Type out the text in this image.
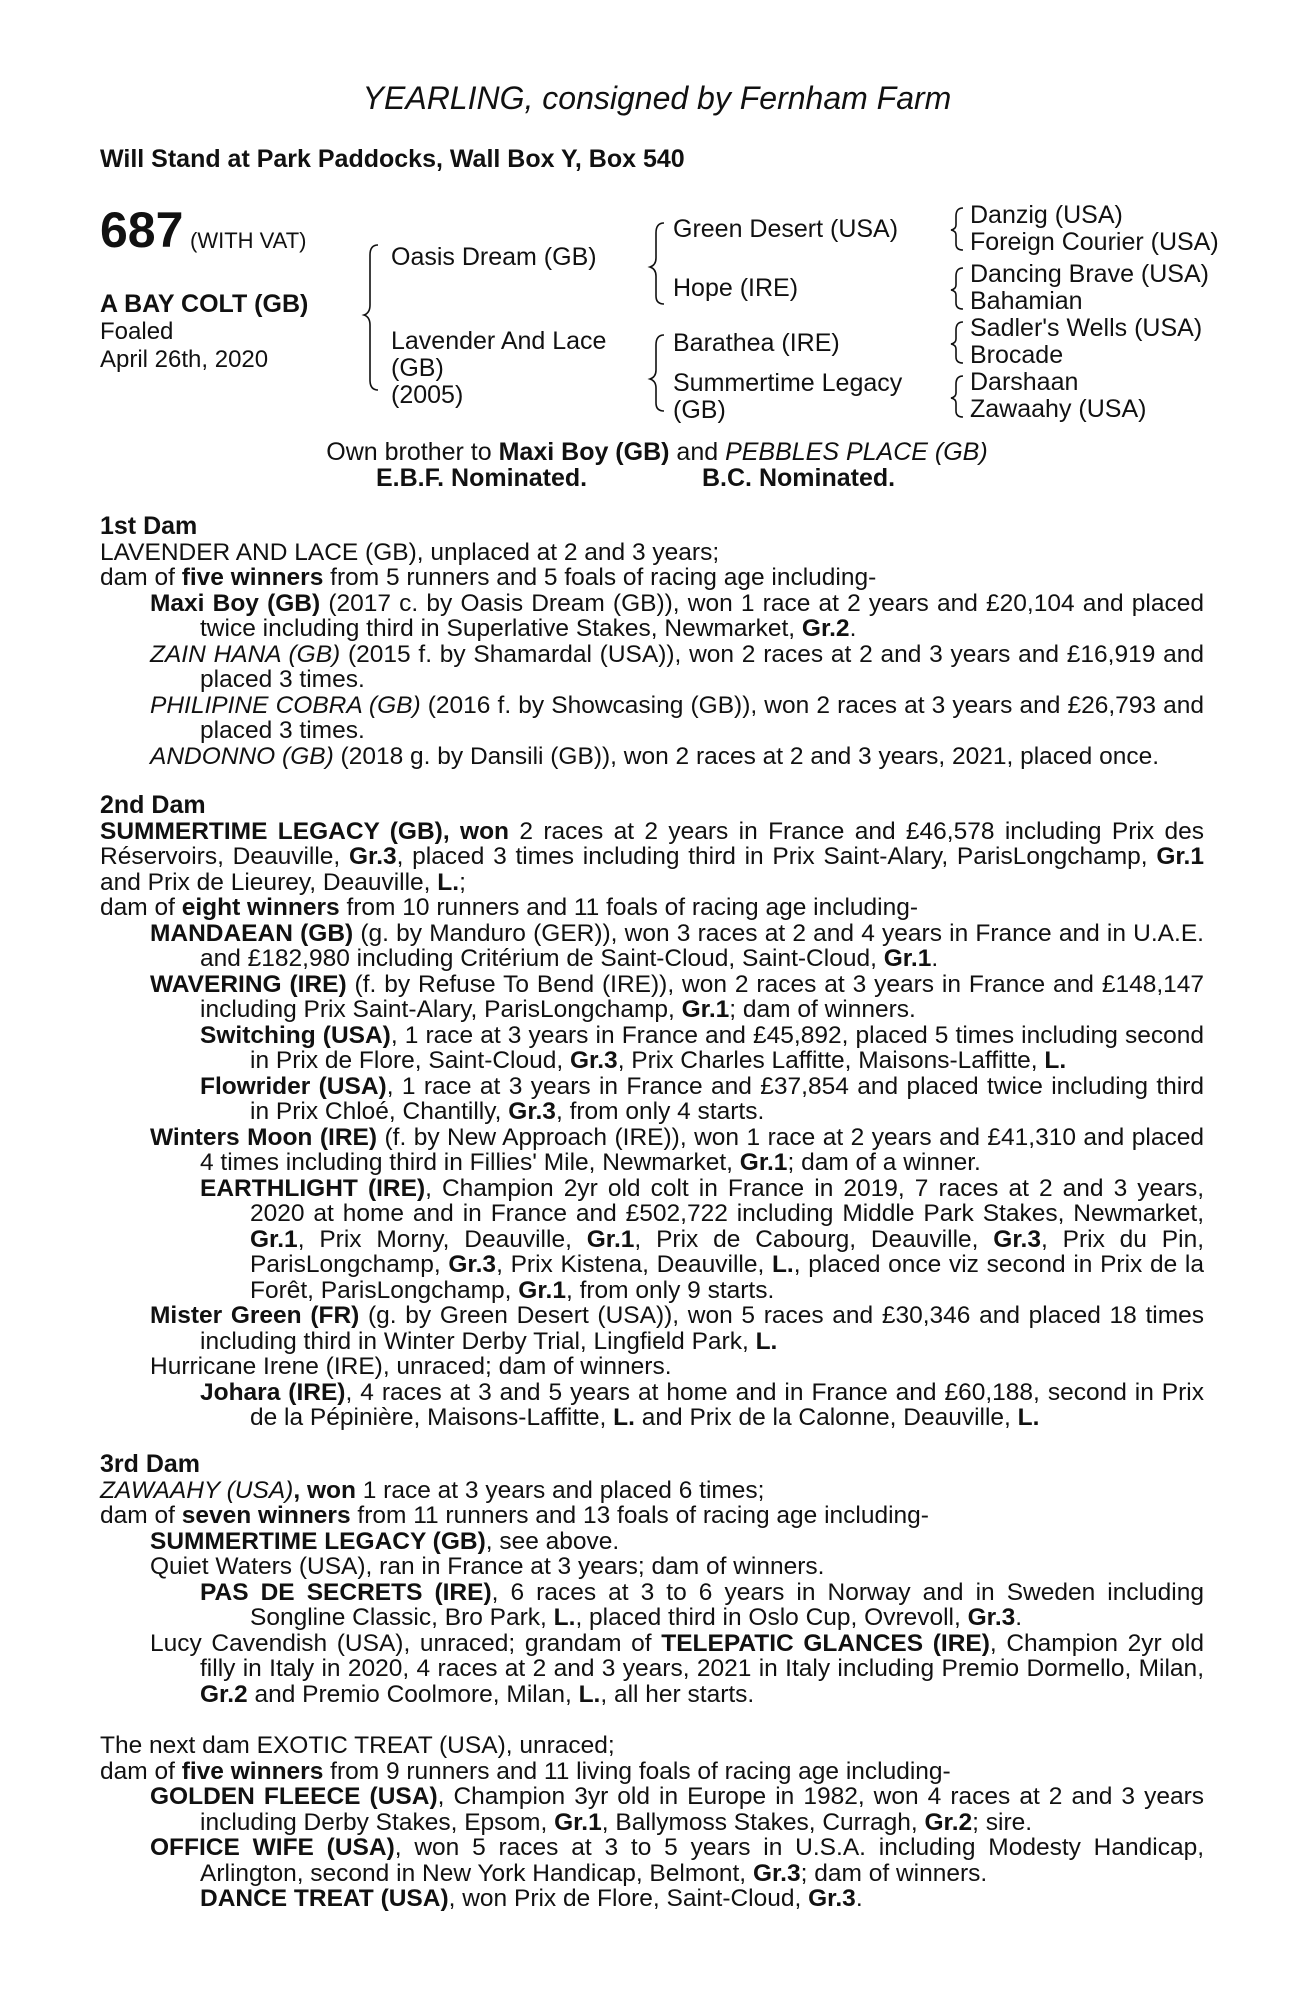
YEARLING, consigned by Fernham Farm
Will Stand at Park Paddocks, Wall Box Y, Box 540
687 (WITH VAT)
A BAY COLT (GB)
Foaled
April 26th, 2020
Oasis Dream (GB)
Lavender And Lace
(GB)
(2005)
Green Desert (USA)
Hope (IRE)
Barathea (IRE)
Summertime Legacy
(GB)
Danzig (USA)
Foreign Courier (USA)
Dancing Brave (USA)
Bahamian
Sadler's Wells (USA)
Brocade
Darshaan
Zawaahy (USA)
Own brother to Maxi Boy (GB) and PEBBLES PLACE (GB)
E.B.F. Nominated.	B.C. Nominated.
1st Dam

LAVENDER AND LACE (GB), unplaced at 2 and 3 years;

dam of five winners from 5 runners and 5 foals of racing age including-

Maxi Boy (GB) (2017 c. by Oasis Dream (GB)), won 1 race at 2 years and £20,104 and placed twice including third in Superlative Stakes, Newmarket, Gr.2.

ZAIN HANA (GB) (2015 f. by Shamardal (USA)), won 2 races at 2 and 3 years and £16,919 and placed 3 times.

PHILIPINE COBRA (GB) (2016 f. by Showcasing (GB)), won 2 races at 3 years and £26,793 and placed 3 times.

ANDONNO (GB) (2018 g. by Dansili (GB)), won 2 races at 2 and 3 years, 2021, placed once.

2nd Dam

SUMMERTIME LEGACY (GB), won 2 races at 2 years in France and £46,578 including Prix des Réservoirs, Deauville, Gr.3, placed 3 times including third in Prix Saint-Alary, ParisLongchamp, Gr.1 and Prix de Lieurey, Deauville, L.;

dam of eight winners from 10 runners and 11 foals of racing age including-

MANDAEAN (GB) (g. by Manduro (GER)), won 3 races at 2 and 4 years in France and in U.A.E. and £182,980 including Critérium de Saint-Cloud, Saint-Cloud, Gr.1.

WAVERING (IRE) (f. by Refuse To Bend (IRE)), won 2 races at 3 years in France and £148,147 including Prix Saint-Alary, ParisLongchamp, Gr.1; dam of winners.

Switching (USA), 1 race at 3 years in France and £45,892, placed 5 times including second in Prix de Flore, Saint-Cloud, Gr.3, Prix Charles Laffitte, Maisons-Laffitte, L.

Flowrider (USA), 1 race at 3 years in France and £37,854 and placed twice including third in Prix Chloé, Chantilly, Gr.3, from only 4 starts.

Winters Moon (IRE) (f. by New Approach (IRE)), won 1 race at 2 years and £41,310 and placed 4 times including third in Fillies' Mile, Newmarket, Gr.1; dam of a winner.

EARTHLIGHT (IRE), Champion 2yr old colt in France in 2019, 7 races at 2 and 3 years, 2020 at home and in France and £502,722 including Middle Park Stakes, Newmarket, Gr.1, Prix Morny, Deauville, Gr.1, Prix de Cabourg, Deauville, Gr.3, Prix du Pin, ParisLongchamp, Gr.3, Prix Kistena, Deauville, L., placed once viz second in Prix de la Forêt, ParisLongchamp, Gr.1, from only 9 starts.

Mister Green (FR) (g. by Green Desert (USA)), won 5 races and £30,346 and placed 18 times including third in Winter Derby Trial, Lingfield Park, L.

Hurricane Irene (IRE), unraced; dam of winners.

Johara (IRE), 4 races at 3 and 5 years at home and in France and £60,188, second in Prix de la Pépinière, Maisons-Laffitte, L. and Prix de la Calonne, Deauville, L.

3rd Dam

ZAWAAHY (USA), won 1 race at 3 years and placed 6 times;

dam of seven winners from 11 runners and 13 foals of racing age including-

SUMMERTIME LEGACY (GB), see above.

Quiet Waters (USA), ran in France at 3 years; dam of winners.

PAS DE SECRETS (IRE), 6 races at 3 to 6 years in Norway and in Sweden including Songline Classic, Bro Park, L., placed third in Oslo Cup, Ovrevoll, Gr.3.

Lucy Cavendish (USA), unraced; grandam of TELEPATIC GLANCES (IRE), Champion 2yr old filly in Italy in 2020, 4 races at 2 and 3 years, 2021 in Italy including Premio Dormello, Milan, Gr.2 and Premio Coolmore, Milan, L., all her starts.

The next dam EXOTIC TREAT (USA), unraced;

dam of five winners from 9 runners and 11 living foals of racing age including-

GOLDEN FLEECE (USA), Champion 3yr old in Europe in 1982, won 4 races at 2 and 3 years including Derby Stakes, Epsom, Gr.1, Ballymoss Stakes, Curragh, Gr.2; sire.

OFFICE WIFE (USA), won 5 races at 3 to 5 years in U.S.A. including Modesty Handicap, Arlington, second in New York Handicap, Belmont, Gr.3; dam of winners.

DANCE TREAT (USA), won Prix de Flore, Saint-Cloud, Gr.3.
